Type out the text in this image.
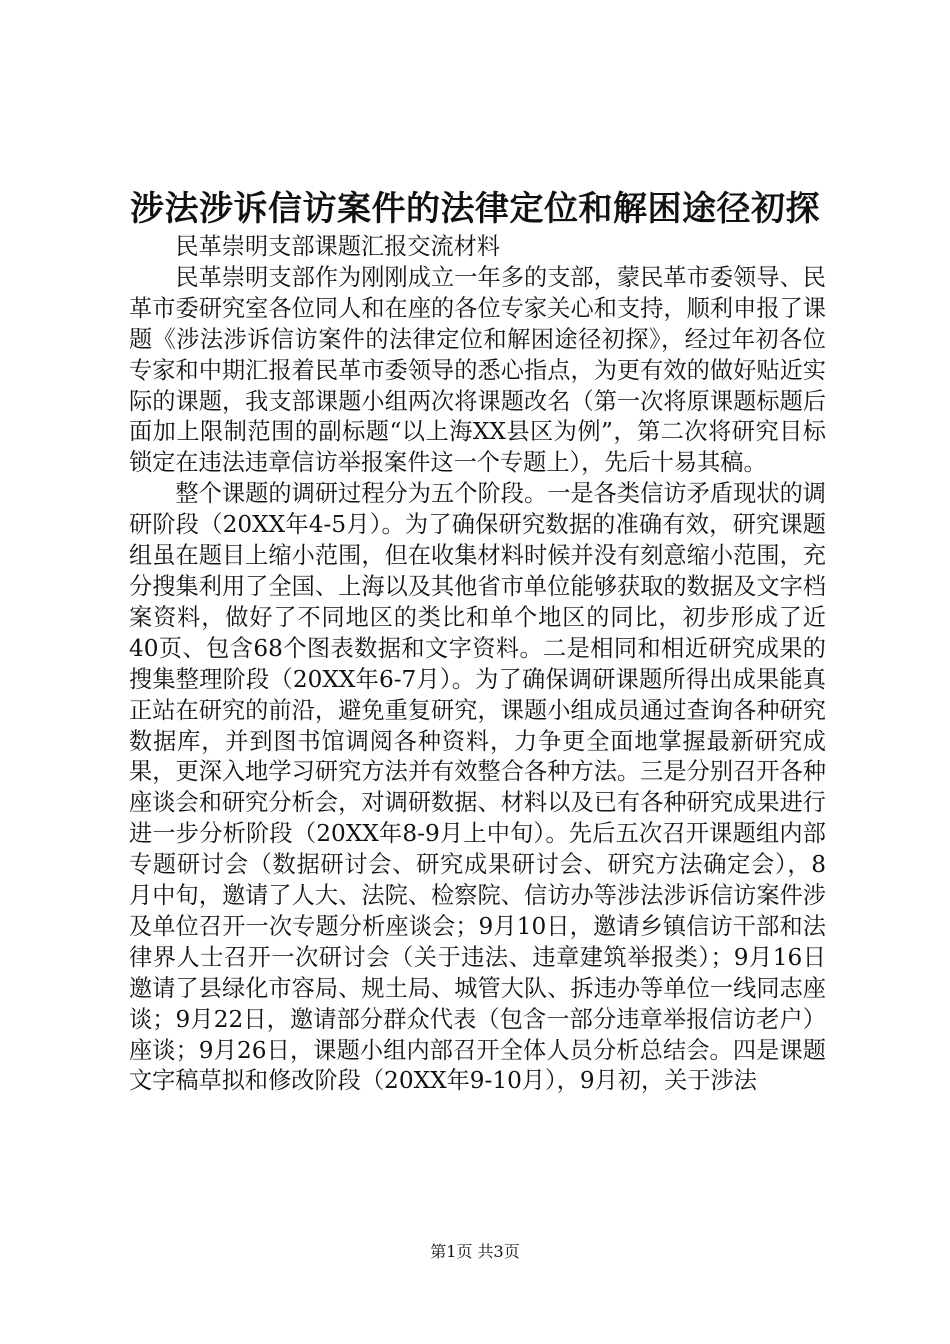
涉法涉诉信访案件的法律定位和解困途径初探

民革崇明支部课题汇报交流材料

民革崇明支部作为刚刚成立一年多的支部，蒙民革市委领导、民革市委研究室各位同人和在座的各位专家关心和支持，顺利申报了课题《涉法涉诉信访案件的法律定位和解困途径初探》，经过年初各位专家和中期汇报着民革市委领导的悉心指点，为更有效的做好贴近实际的课题，我支部课题小组两次将课题改名（第一次将原课题标题后面加上限制范围的副标题“以上海XX县区为例”，第二次将研究目标锁定在违法违章信访举报案件这一个专题上），先后十易其稿。

整个课题的调研过程分为五个阶段。一是各类信访矛盾现状的调研阶段（20XX年4-5月）。为了确保研究数据的准确有效，研究课题组虽在题目上缩小范围，但在收集材料时候并没有刻意缩小范围，充分搜集利用了全国、上海以及其他省市单位能够获取的数据及文字档案资料，做好了不同地区的类比和单个地区的同比，初步形成了近40页、包含68个图表数据和文字资料。二是相同和相近研究成果的搜集整理阶段（20XX年6-7月）。为了确保调研课题所得出成果能真正站在研究的前沿，避免重复研究，课题小组成员通过查询各种研究数据库，并到图书馆调阅各种资料，力争更全面地掌握最新研究成果，更深入地学习研究方法并有效整合各种方法。三是分别召开各种座谈会和研究分析会，对调研数据、材料以及已有各种研究成果进行进一步分析阶段（20XX年8-9月上中旬）。先后五次召开课题组内部专题研讨会（数据研讨会、研究成果研讨会、研究方法确定会），8月中旬，邀请了人大、法院、检察院、信访办等涉法涉诉信访案件涉及单位召开一次专题分析座谈会；9月10日，邀请乡镇信访干部和法律界人士召开一次研讨会（关于违法、违章建筑举报类）；9月16日邀请了县绿化市容局、规土局、城管大队、拆违办等单位一线同志座谈；9月22日，邀请部分群众代表（包含一部分违章举报信访老户）座谈；9月26日，课题小组内部召开全体人员分析总结会。四是课题文字稿草拟和修改阶段（20XX年9-10月），9月初，关于涉法

第1页 共3页
